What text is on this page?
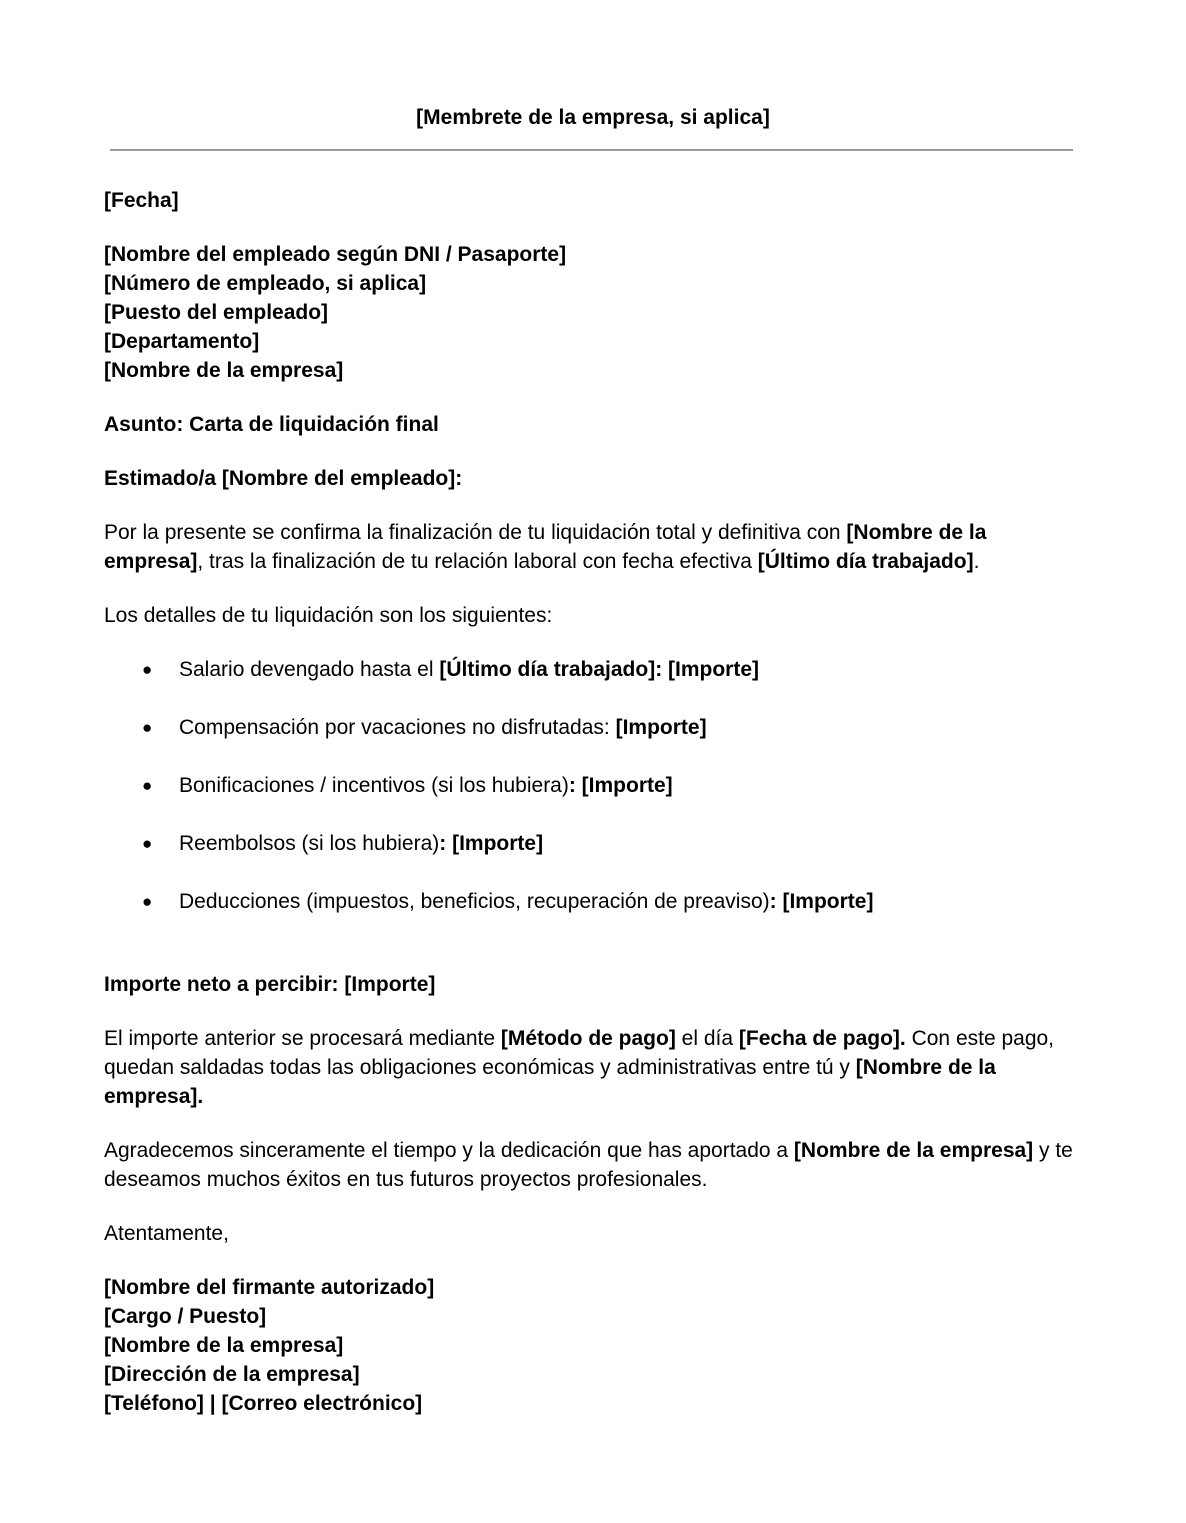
[Membrete de la empresa, si aplica]

[Fecha]

[Nombre del empleado según DNI / Pasaporte]
[Número de empleado, si aplica]
[Puesto del empleado]
[Departamento]
[Nombre de la empresa]

Asunto: Carta de liquidación final

Estimado/a [Nombre del empleado]:

Por la presente se confirma la finalización de tu liquidación total y definitiva con [Nombre de la empresa], tras la finalización de tu relación laboral con fecha efectiva [Último día trabajado].

Los detalles de tu liquidación son los siguientes:

● Salario devengado hasta el [Último día trabajado]: [Importe]
● Compensación por vacaciones no disfrutadas: [Importe]
● Bonificaciones / incentivos (si los hubiera): [Importe]
● Reembolsos (si los hubiera): [Importe]
● Deducciones (impuestos, beneficios, recuperación de preaviso): [Importe]

Importe neto a percibir: [Importe]

El importe anterior se procesará mediante [Método de pago] el día [Fecha de pago]. Con este pago, quedan saldadas todas las obligaciones económicas y administrativas entre tú y [Nombre de la empresa].

Agradecemos sinceramente el tiempo y la dedicación que has aportado a [Nombre de la empresa] y te deseamos muchos éxitos en tus futuros proyectos profesionales.

Atentamente,

[Nombre del firmante autorizado]
[Cargo / Puesto]
[Nombre de la empresa]
[Dirección de la empresa]
[Teléfono] | [Correo electrónico]
